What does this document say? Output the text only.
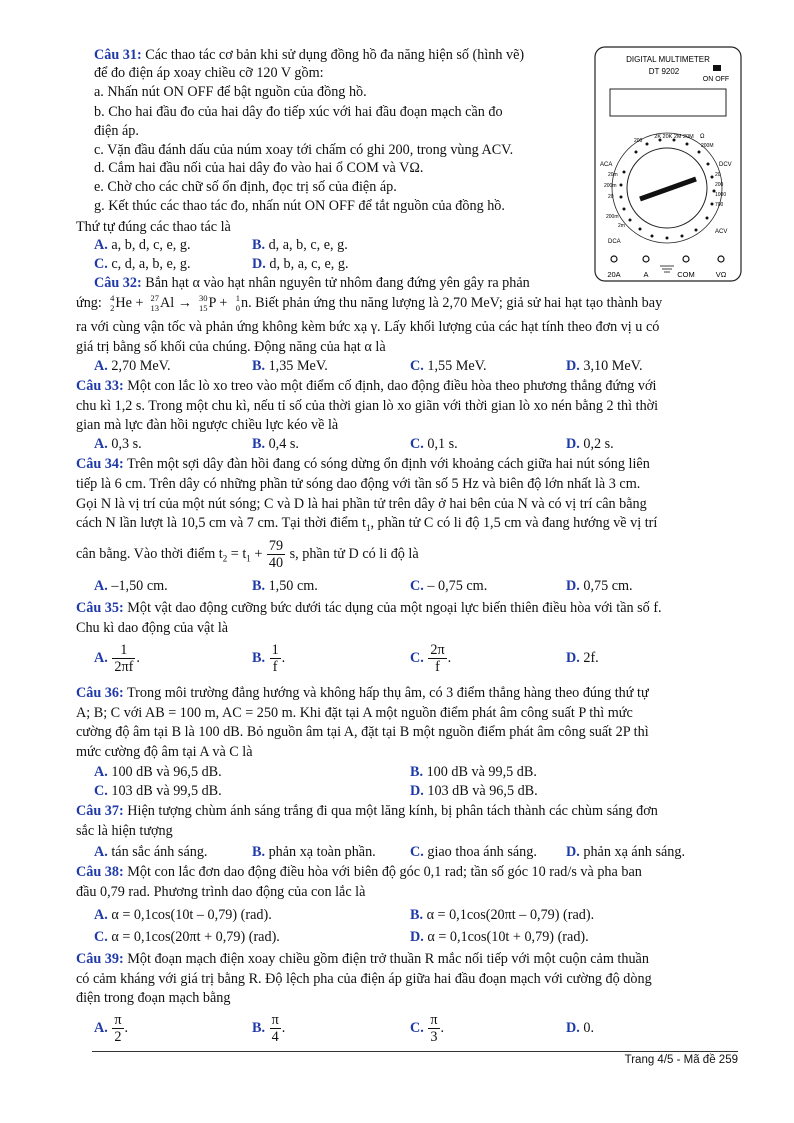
Câu 31: Các thao tác cơ bản khi sử dụng đồng hồ đa năng hiện số (hình vẽ)
để đo điện áp xoay chiều cỡ 120 V gồm:
a. Nhấn nút ON OFF để bật nguồn của đồng hồ.
b. Cho hai đầu đo của hai dây đo tiếp xúc với hai đầu đoạn mạch cần đo
điện áp.
c. Vặn đầu đánh dấu của núm xoay tới chấm có ghi 200, trong vùng ACV.
d. Cắm hai đầu nối của hai dây đo vào hai ổ COM và VΩ.
e. Chờ cho các chữ số ổn định, đọc trị số của điện áp.
g. Kết thúc các thao tác đo, nhấn nút ON OFF để tắt nguồn của đồng hồ.
Thứ tự đúng các thao tác là
A. a, b, d, c, e, g.	B. d, a, b, c, e, g.
C. c, d, a, b, e, g.	D. d, b, a, c, e, g.
DIGITAL MULTIMETER
DT 9202
ON OFF
2K 20K 2M 20M Ω
200
200M
ACA	DCV
20m
200m
20
200m
2m
20
200
1000
700
ACV
DCA
20A	A	COM	VΩ
Câu 32: Bắn hạt α vào hạt nhân nguyên tử nhôm đang đứng yên gây ra phản
ứng: 4
2 He + 27
13 Al → 30
15 P + 1
0 n. Biết phản ứng thu năng lượng là 2,70 MeV; giả sử hai hạt tạo thành bay
ra với cùng vận tốc và phản ứng không kèm bức xạ γ. Lấy khối lượng của các hạt tính theo đơn vị u có
giá trị bằng số khối của chúng. Động năng của hạt α là
A. 2,70 MeV.	B. 1,35 MeV.	C. 1,55 MeV.	D. 3,10 MeV.
Câu 33: Một con lắc lò xo treo vào một điểm cố định, dao động điều hòa theo phương thẳng đứng với
chu kì 1,2 s. Trong một chu kì, nếu tỉ số của thời gian lò xo giãn với thời gian lò xo nén bằng 2 thì thời
gian mà lực đàn hồi ngược chiều lực kéo về là
A. 0,3 s.	B. 0,4 s.	C. 0,1 s.	D. 0,2 s.
Câu 34: Trên một sợi dây đàn hồi đang có sóng dừng ổn định với khoảng cách giữa hai nút sóng liên
tiếp là 6 cm. Trên dây có những phần tử sóng dao động với tần số 5 Hz và biên độ lớn nhất là 3 cm.
Gọi N là vị trí của một nút sóng; C và D là hai phần tử trên dây ở hai bên của N và có vị trí cân bằng
cách N lần lượt là 10,5 cm và 7 cm. Tại thời điểm $t_1$, phần tử C có li độ 1,5 cm và đang hướng về vị trí
cân bằng. Vào thời điểm $t_2 = t_1 + \frac{79}{40} s$, phần tử D có li độ là
A. –1,50 cm.	B. 1,50 cm.	C. – 0,75 cm.	D. 0,75 cm.
Câu 35: Một vật dao động cưỡng bức dưới tác dụng của một ngoại lực biến thiên điều hòa với tần số f.
Chu kì dao động của vật là
A. $\frac{1}{2\pi f}$ .	B. $\frac{1}{f}$ .	C. $\frac{2\pi}{f}$ .	D. 2f.
Câu 36: Trong môi trường đẳng hướng và không hấp thụ âm, có 3 điểm thẳng hàng theo đúng thứ tự
A; B; C với AB = 100 m, AC = 250 m. Khi đặt tại A một nguồn điểm phát âm công suất P thì mức
cường độ âm tại B là 100 dB. Bỏ nguồn âm tại A, đặt tại B một nguồn điểm phát âm công suất 2P thì
mức cường độ âm tại A và C là
A. 100 dB và 96,5 dB.	B. 100 dB và 99,5 dB.
C. 103 dB và 99,5 dB.	D. 103 dB và 96,5 dB.
Câu 37: Hiện tượng chùm ánh sáng trắng đi qua một lăng kính, bị phân tách thành các chùm sáng đơn
sắc là hiện tượng
A. tán sắc ánh sáng.	B. phản xạ toàn phần. C. giao thoa ánh sáng. D. phản xạ ánh sáng.
Câu 38: Một con lắc đơn dao động điều hòa với biên độ góc 0,1 rad; tần số góc 10 rad/s và pha ban
đầu 0,79 rad. Phương trình dao động của con lắc là
A. α = 0,1cos(10t – 0,79) (rad).	B. α = 0,1cos(20πt – 0,79) (rad).
C. α = 0,1cos(20πt + 0,79) (rad).	D. α = 0,1cos(10t + 0,79) (rad).
Câu 39: Một đoạn mạch điện xoay chiều gồm điện trở thuần R mắc nối tiếp với một cuộn cảm thuần
có cảm kháng với giá trị bằng R. Độ lệch pha của điện áp giữa hai đầu đoạn mạch với cường độ dòng
điện trong đoạn mạch bằng
A. $\frac{\pi}{2}$ .	B. $\frac{\pi}{4}$ .	C. $\frac{\pi}{3}$ .	D. 0.
Trang 4/5 - Mã đề 259
